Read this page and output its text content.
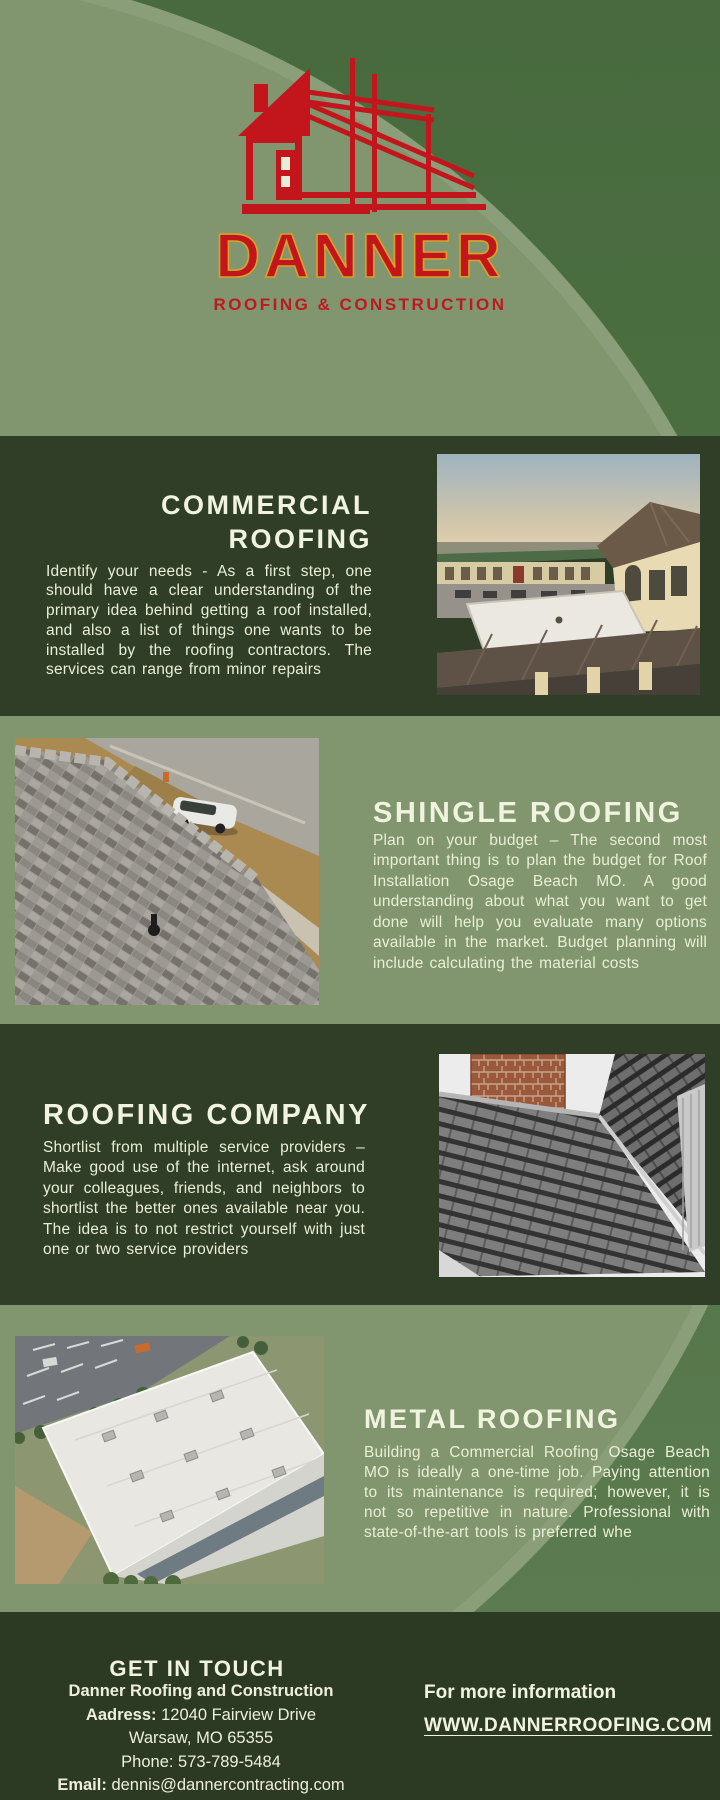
DANNER
ROOFING & CONSTRUCTION
COMMERCIAL ROOFING

Identify your needs - As a first step, one should have a clear understanding of the primary idea behind getting a roof installed, and also a list of things one wants to be installed by the roofing contractors. The services can range from minor repairs

SHINGLE ROOFING

Plan on your budget – The second most important thing is to plan the budget for Roof Installation Osage Beach MO. A good understanding about what you want to get done will help you evaluate many options available in the market. Budget planning will include calculating the material costs

ROOFING COMPANY

Shortlist from multiple service providers – Make good use of the internet, ask around your colleagues, friends, and neighbors to shortlist the better ones available near you. The idea is to not restrict yourself with just one or two service providers

METAL ROOFING

Building a Commercial Roofing Osage Beach MO is ideally a one-time job. Paying attention to its maintenance is required; however, it is not so repetitive in nature. Professional with state-of-the-art tools is preferred whe

GET IN TOUCH
Danner Roofing and Construction
Aadress: 12040 Fairview Drive
Warsaw, MO 65355
Phone: 573-789-5484
Email: dennis@dannercontracting.com
For more information
WWW.DANNERROOFING.COM
